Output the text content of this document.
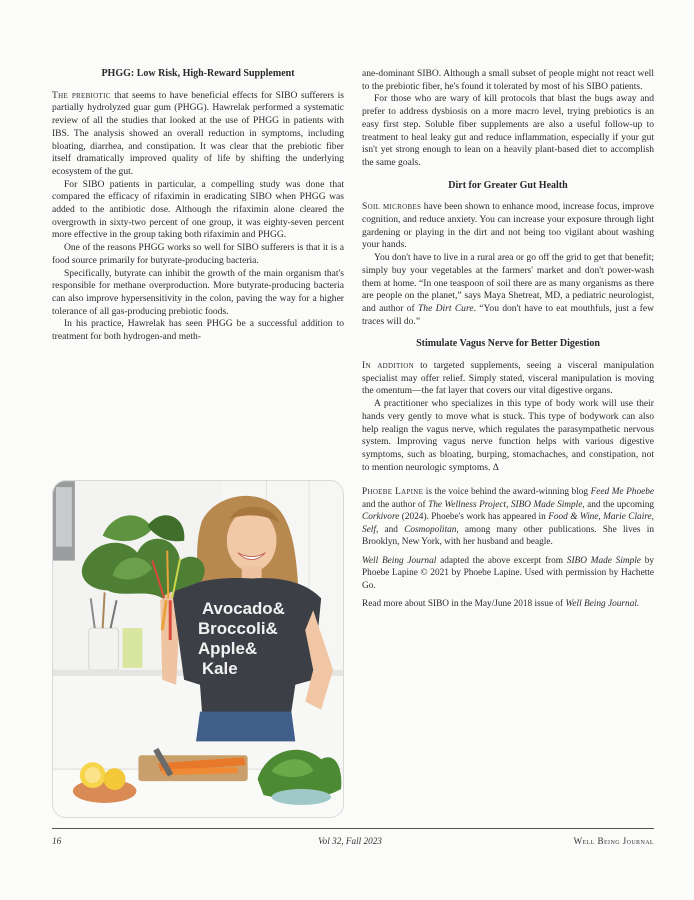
PHGG: Low Risk, High-Reward Supplement

The prebiotic that seems to have beneficial effects for SIBO sufferers is partially hydrolyzed guar gum (PHGG). Hawrelak performed a systematic review of all the studies that looked at the use of PHGG in patients with IBS. The analysis showed an overall reduction in symptoms, including bloating, diarrhea, and constipation. It was clear that the prebiotic fiber itself dramatically improved quality of life by shifting the underlying ecosystem of the gut.

For SIBO patients in particular, a compelling study was done that compared the efficacy of rifaximin in eradicating SIBO when PHGG was added to the antibiotic dose. Although the rifaximin alone cleared the overgrowth in sixty-two percent of one group, it was eighty-seven percent more effective in the group taking both rifaximin and PHGG.

One of the reasons PHGG works so well for SIBO sufferers is that it is a food source primarily for butyrate-producing bacteria.

Specifically, butyrate can inhibit the growth of the main organism that's responsible for methane overproduction. More butyrate-producing bacteria can also improve hypersensitivity in the colon, paving the way for a higher tolerance of all gas-producing prebiotic foods.

In his practice, Hawrelak has seen PHGG be a successful addition to treatment for both hydrogen-and meth-

Avocado&
Broccoli&
Apple&
Kale

ane-dominant SIBO. Although a small subset of people might not react well to the prebiotic fiber, he's found it tolerated by most of his SIBO patients.

For those who are wary of kill protocols that blast the bugs away and prefer to address dysbiosis on a more macro level, trying prebiotics is an easy first step. Soluble fiber supplements are also a useful follow-up to treatment to heal leaky gut and reduce inflammation, especially if your gut isn't yet strong enough to lean on a heavily plant-based diet to accomplish the same goals.

Dirt for Greater Gut Health

Soil microbes have been shown to enhance mood, increase focus, improve cognition, and reduce anxiety. You can increase your exposure through light gardening or playing in the dirt and not being too vigilant about washing your hands.

You don't have to live in a rural area or go off the grid to get that benefit; simply buy your vegetables at the farmers' market and don't power-wash them at home. “In one teaspoon of soil there are as many organisms as there are people on the planet,” says Maya Shetreat, MD, a pediatric neurologist, and author of The Dirt Cure. “You don't have to eat mouthfuls, just a few traces will do.”

Stimulate Vagus Nerve for Better Digestion

In addition to targeted supplements, seeing a visceral manipulation specialist may offer relief. Simply stated, visceral manipulation is moving the omentum—the fat layer that covers our vital digestive organs.

A practitioner who specializes in this type of body work will use their hands very gently to move what is stuck. This type of bodywork can also help realign the vagus nerve, which regulates the parasympathetic nervous system. Improving vagus nerve function helps with various digestive symptoms, such as bloating, burping, stomachaches, and constipation, not to mention neurologic symptoms. Δ

Phoebe Lapine is the voice behind the award-winning blog Feed Me Phoebe and the author of The Wellness Project, SIBO Made Simple, and the upcoming Corkivore (2024). Phoebe's work has appeared in Food & Wine, Marie Claire, Self, and Cosmopolitan, among many other publications. She lives in Brooklyn, New York, with her husband and beagle.

Well Being Journal adapted the above excerpt from SIBO Made Simple by Phoebe Lapine © 2021 by Phoebe Lapine. Used with permission by Hachette Go.

Read more about SIBO in the May/June 2018 issue of Well Being Journal.

16	Vol 32, Fall 2023	Well Being Journal
